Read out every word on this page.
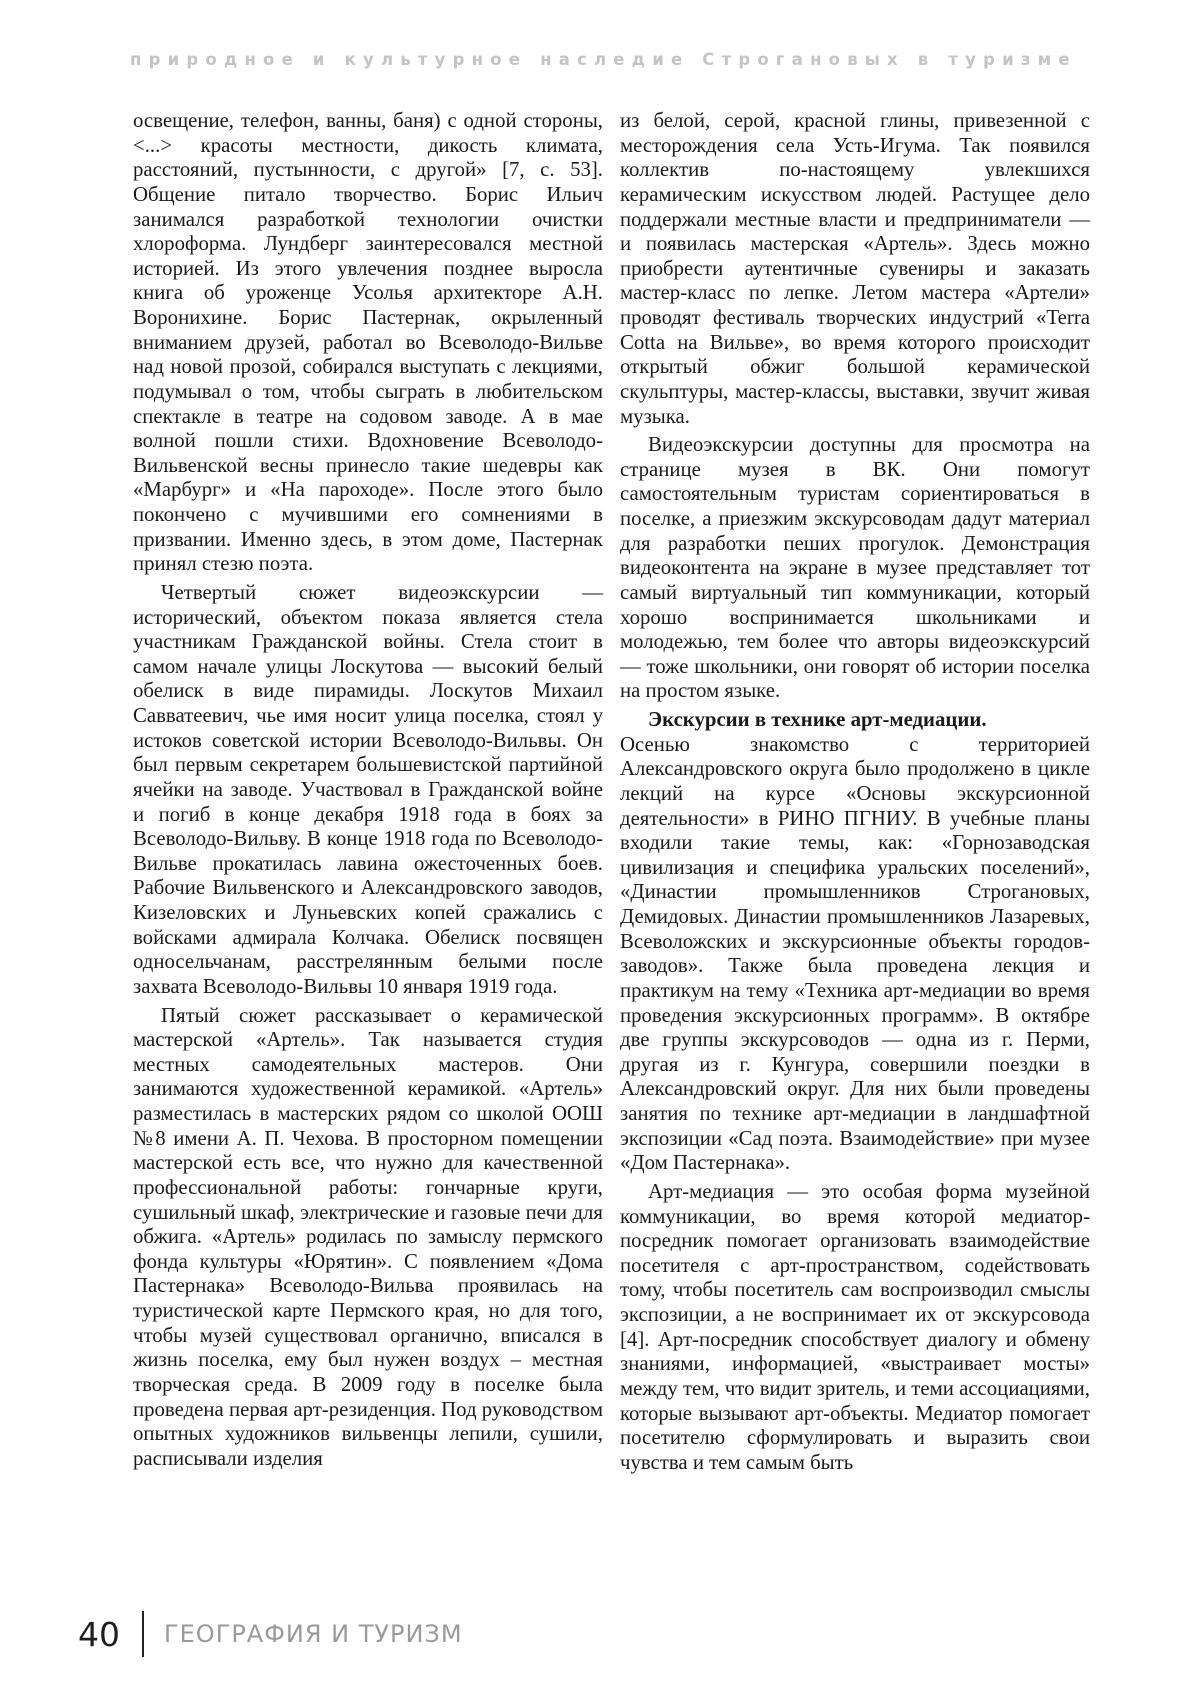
природное и культурное наследие Строгановых в туризме

освещение, телефон, ванны, баня) с одной стороны, <...> красоты местности, дикость климата, расстояний, пустынности, с другой» [7, с. 53]. Общение питало творчество. Борис Ильич занимался разработкой технологии очистки хлороформа. Лундберг заинтересовался местной историей. Из этого увлечения позднее выросла книга об уроженце Усолья архитекторе А.Н. Воронихине. Борис Пастернак, окрыленный вниманием друзей, работал во Всеволодо-Вильве над новой прозой, собирался выступать с лекциями, подумывал о том, чтобы сыграть в любительском спектакле в театре на содовом заводе. А в мае волной пошли стихи. Вдохновение Всеволодо-Вильвенской весны принесло такие шедевры как «Марбург» и «На пароходе». После этого было покончено с мучившими его сомнениями в призвании. Именно здесь, в этом доме, Пастернак принял стезю поэта.

Четвертый сюжет видеоэкскурсии — исторический, объектом показа является стела участникам Гражданской войны. Стела стоит в самом начале улицы Лоскутова — высокий белый обелиск в виде пирамиды. Лоскутов Михаил Савватеевич, чье имя носит улица поселка, стоял у истоков советской истории Всеволодо-Вильвы. Он был первым секретарем большевистской партийной ячейки на заводе. Участвовал в Гражданской войне и погиб в конце декабря 1918 года в боях за Всеволодо-Вильву. В конце 1918 года по Всеволодо-Вильве прокатилась лавина ожесточенных боев. Рабочие Вильвенского и Александровского заводов, Кизеловских и Луньевских копей сражались с войсками адмирала Колчака. Обелиск посвящен односельчанам, расстрелянным белыми после захвата Всеволодо-Вильвы 10 января 1919 года.

Пятый сюжет рассказывает о керамической мастерской «Артель». Так называется студия местных самодеятельных мастеров. Они занимаются художественной керамикой. «Артель» разместилась в мастерских рядом со школой ООШ №8 имени А. П. Чехова. В просторном помещении мастерской есть все, что нужно для качественной профессиональной работы: гончарные круги, сушильный шкаф, электрические и газовые печи для обжига. «Артель» родилась по замыслу пермского фонда культуры «Юрятин». С появлением «Дома Пастернака» Всеволодо-Вильва проявилась на туристической карте Пермского края, но для того, чтобы музей существовал органично, вписался в жизнь поселка, ему был нужен воздух – местная творческая среда. В 2009 году в поселке была проведена первая арт-резиденция. Под руководством опытных художников вильвенцы лепили, сушили, расписывали изделия

из белой, серой, красной глины, привезенной с месторождения села Усть-Игума. Так появился коллектив по-настоящему увлекшихся керамическим искусством людей. Растущее дело поддержали местные власти и предприниматели — и появилась мастерская «Артель». Здесь можно приобрести аутентичные сувениры и заказать мастер-класс по лепке. Летом мастера «Артели» проводят фестиваль творческих индустрий «Terra Cotta на Вильве», во время которого происходит открытый обжиг большой керамической скульптуры, мастер-классы, выставки, звучит живая музыка.

Видеоэкскурсии доступны для просмотра на странице музея в ВК. Они помогут самостоятельным туристам сориентироваться в поселке, а приезжим экскурсоводам дадут материал для разработки пеших прогулок. Демонстрация видеоконтента на экране в музее представляет тот самый виртуальный тип коммуникации, который хорошо воспринимается школьниками и молодежью, тем более что авторы видеоэкскурсий — тоже школьники, они говорят об истории поселка на простом языке.

Экскурсии в технике арт-медиации.
Осенью знакомство с территорией Александровского округа было продолжено в цикле лекций на курсе «Основы экскурсионной деятельности» в РИНО ПГНИУ. В учебные планы входили такие темы, как: «Горнозаводская цивилизация и специфика уральских поселений», «Династии промышленников Строгановых, Демидовых. Династии промышленников Лазаревых, Всеволожских и экскурсионные объекты городов-заводов». Также была проведена лекция и практикум на тему «Техника арт-медиации во время проведения экскурсионных программ». В октябре две группы экскурсоводов — одна из г. Перми, другая из г. Кунгура, совершили поездки в Александровский округ. Для них были проведены занятия по технике арт-медиации в ландшафтной экспозиции «Сад поэта. Взаимодействие» при музее «Дом Пастернака».

Арт-медиация — это особая форма музейной коммуникации, во время которой медиатор-посредник помогает организовать взаимодействие посетителя с арт-пространством, содействовать тому, чтобы посетитель сам воспроизводил смыслы экспозиции, а не воспринимает их от экскурсовода [4]. Арт-посредник способствует диалогу и обмену знаниями, информацией, «выстраивает мосты» между тем, что видит зритель, и теми ассоциациями, которые вызывают арт-объекты. Медиатор помогает посетителю сформулировать и выразить свои чувства и тем самым быть

40 ГЕОГРАФИЯ И ТУРИЗМ
